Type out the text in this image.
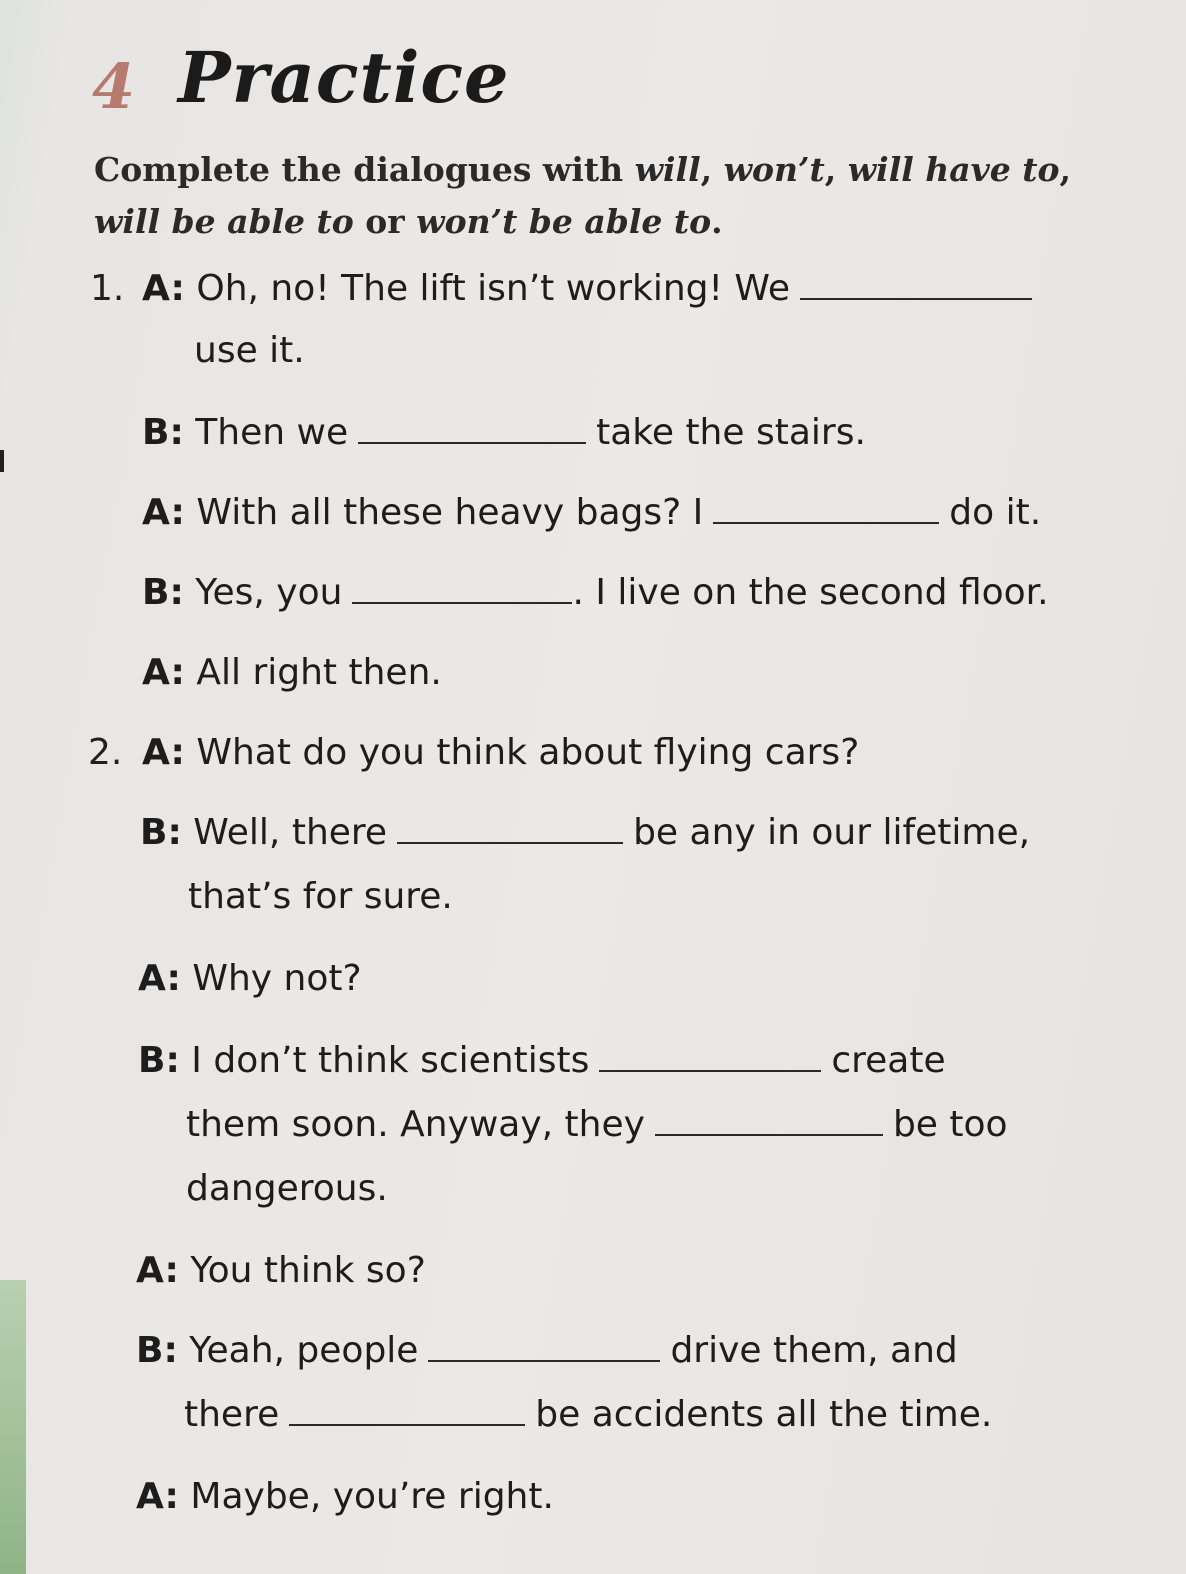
4 Practice
Complete the dialogues with will, won’t, will have to,
will be able to or won’t be able to.
1. A: Oh, no! The lift isn’t working! We
use it.
B: Then we	take the stairs.
A: With all these heavy bags? I	do it.
B: Yes, you	. I live on the second floor.
A: All right then.
2. A: What do you think about flying cars?
B: Well, there	be any in our lifetime,
that’s for sure.
A: Why not?
B: I don’t think scientists	create
them soon. Anyway, they	be too
dangerous.
A: You think so?
B: Yeah, people	drive them, and
there	be accidents all the time.
A: Maybe, you’re right.
